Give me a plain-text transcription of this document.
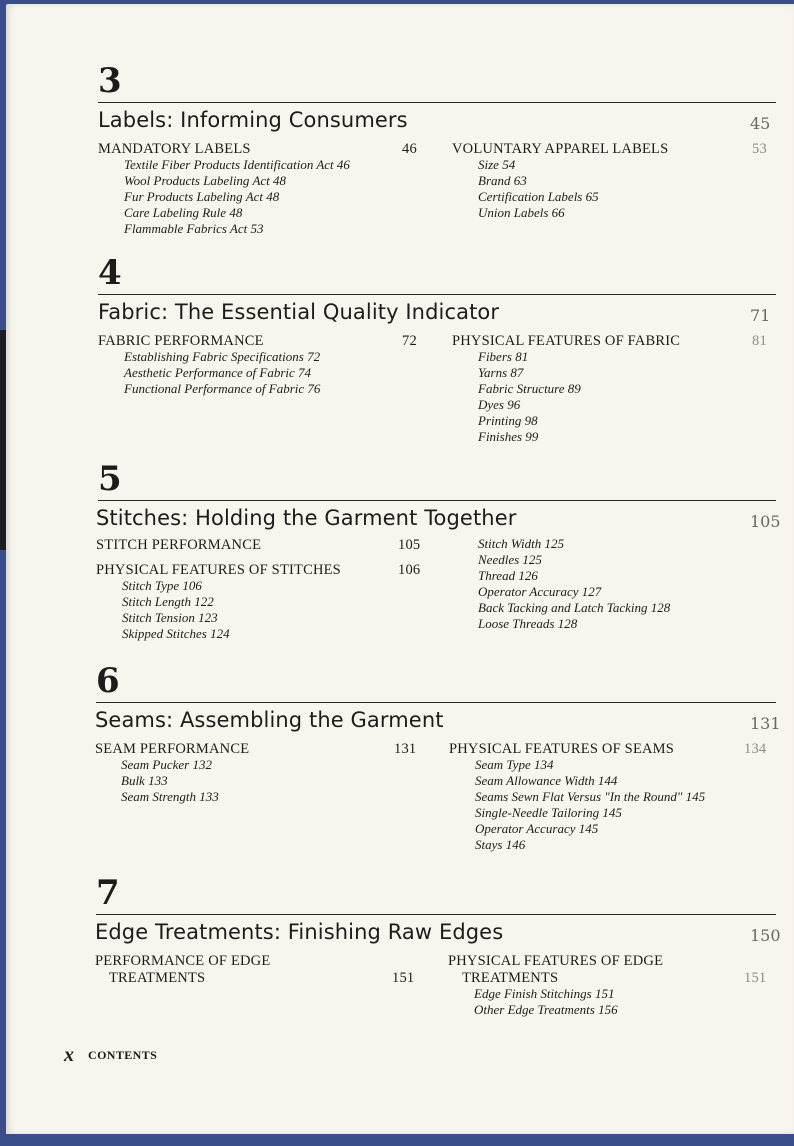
3
Labels: Informing Consumers	45
MANDATORY LABELS	46
Textile Fiber Products Identification Act 46
Wool Products Labeling Act 48
Fur Products Labeling Act 48
Care Labeling Rule 48
Flammable Fabrics Act 53
VOLUNTARY APPAREL LABELS	53
Size 54
Brand 63
Certification Labels 65
Union Labels 66
4
Fabric: The Essential Quality Indicator	71
FABRIC PERFORMANCE	72
Establishing Fabric Specifications 72
Aesthetic Performance of Fabric 74
Functional Performance of Fabric 76
PHYSICAL FEATURES OF FABRIC	81
Fibers 81
Yarns 87
Fabric Structure 89
Dyes 96
Printing 98
Finishes 99
5
Stitches: Holding the Garment Together	105
STITCH PERFORMANCE	105
PHYSICAL FEATURES OF STITCHES	106
Stitch Type 106
Stitch Length 122
Stitch Tension 123
Skipped Stitches 124
Stitch Width 125
Needles 125
Thread 126
Operator Accuracy 127
Back Tacking and Latch Tacking 128
Loose Threads 128
6
Seams: Assembling the Garment	131
SEAM PERFORMANCE	131
Seam Pucker 132
Bulk 133
Seam Strength 133
PHYSICAL FEATURES OF SEAMS	134
Seam Type 134
Seam Allowance Width 144
Seams Sewn Flat Versus "In the Round" 145
Single-Needle Tailoring 145
Operator Accuracy 145
Stays 146
7
Edge Treatments: Finishing Raw Edges	150
PERFORMANCE OF EDGE
TREATMENTS	151
PHYSICAL FEATURES OF EDGE
TREATMENTS	151
Edge Finish Stitchings 151
Other Edge Treatments 156
x CONTENTS
